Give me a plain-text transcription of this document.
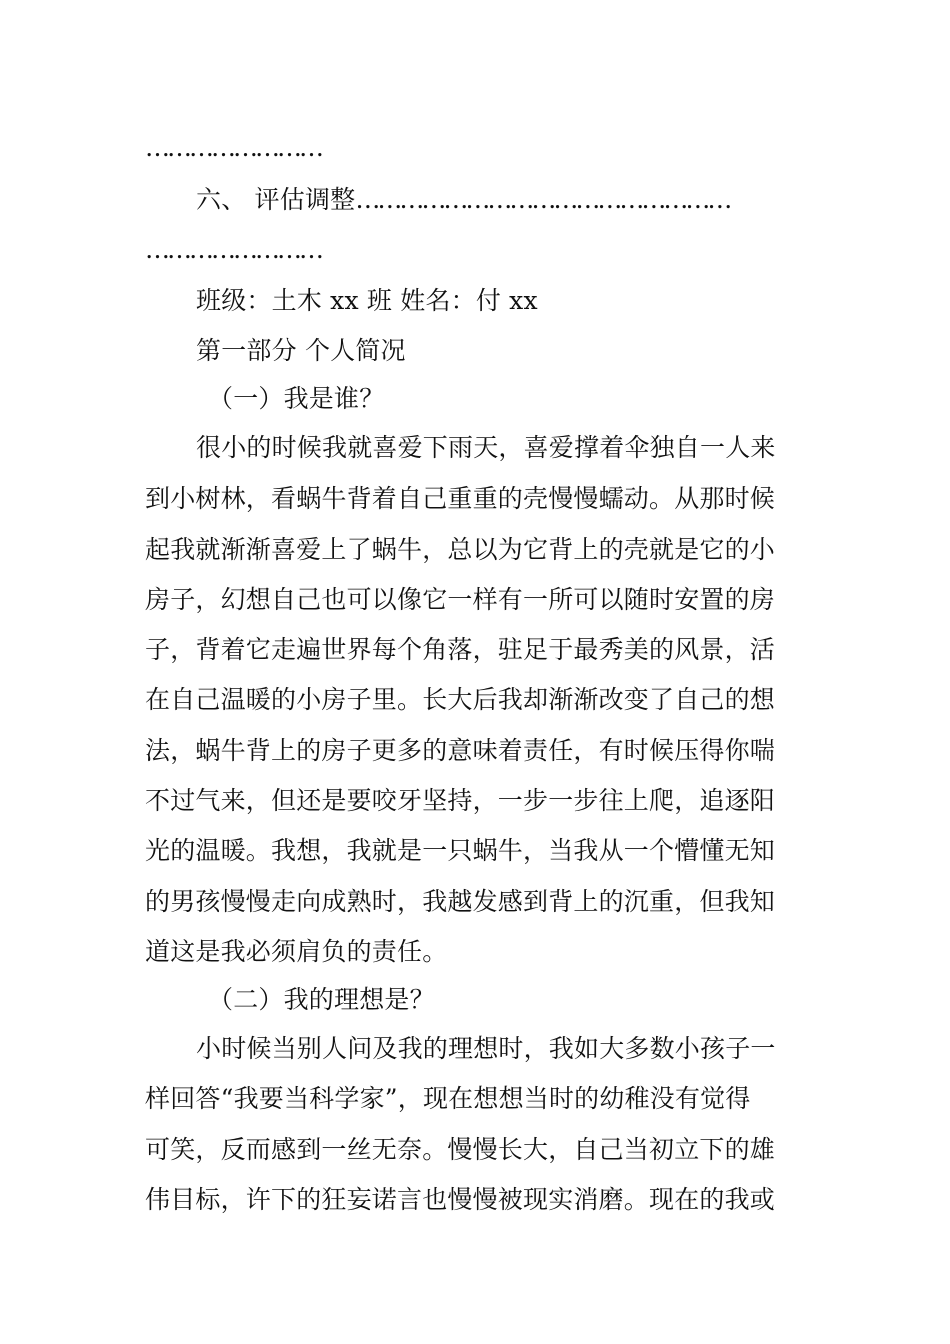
……………………
六、 评估调整……………………………………………
……………………
班级：土木 xx 班 姓名：付 xx
第一部分 个人简况
（一）我是谁？
很小的时候我就喜爱下雨天，喜爱撑着伞独自一人来
到小树林，看蜗牛背着自己重重的壳慢慢蠕动。从那时候
起我就渐渐喜爱上了蜗牛，总以为它背上的壳就是它的小
房子，幻想自己也可以像它一样有一所可以随时安置的房
子，背着它走遍世界每个角落，驻足于最秀美的风景，活
在自己温暖的小房子里。长大后我却渐渐改变了自己的想
法，蜗牛背上的房子更多的意味着责任，有时候压得你喘
不过气来，但还是要咬牙坚持，一步一步往上爬，追逐阳
光的温暖。我想，我就是一只蜗牛，当我从一个懵懂无知
的男孩慢慢走向成熟时，我越发感到背上的沉重，但我知
道这是我必须肩负的责任。
（二）我的理想是？
小时候当别人问及我的理想时，我如大多数小孩子一
样回答“我要当科学家”，现在想想当时的幼稚没有觉得
可笑，反而感到一丝无奈。慢慢长大，自己当初立下的雄
伟目标，许下的狂妄诺言也慢慢被现实消磨。现在的我或
